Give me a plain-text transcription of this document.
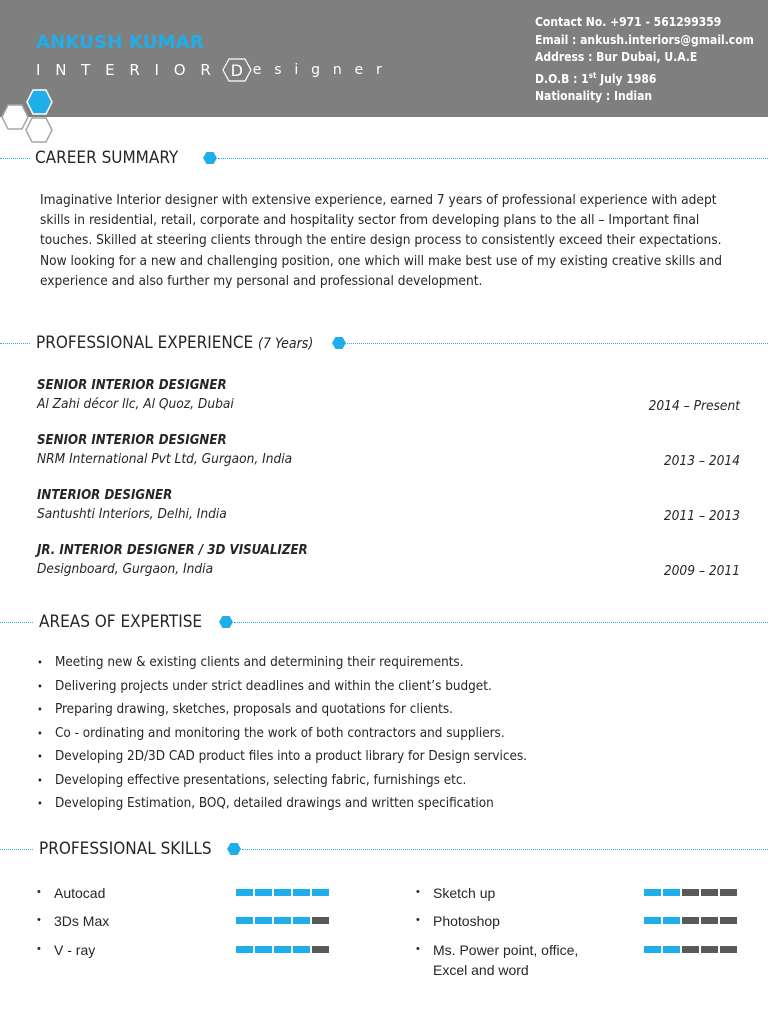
ANKUSH KUMAR
I N T E R I O R D e s i g n e r
Contact No. +971 - 561299359
Email : ankush.interiors@gmail.com
Address : Bur Dubai, U.A.E
D.O.B : 1st July 1986
Nationality : Indian
CAREER SUMMARY
Imaginative Interior designer with extensive experience, earned 7 years of professional experience with adept skills in residential, retail, corporate and hospitality sector from developing plans to the all – Important final touches. Skilled at steering clients through the entire design process to consistently exceed their expectations.
Now looking for a new and challenging position, one which will make best use of my existing creative skills and experience and also further my personal and professional development.
PROFESSIONAL EXPERIENCE (7 Years)
SENIOR INTERIOR DESIGNER
Al Zahi décor llc, Al Quoz, Dubai	2014 – Present
SENIOR INTERIOR DESIGNER
NRM International Pvt Ltd, Gurgaon, India	2013 – 2014
INTERIOR DESIGNER
Santushti Interiors, Delhi, India	2011 – 2013
JR. INTERIOR DESIGNER / 3D VISUALIZER
Designboard, Gurgaon, India	2009 – 2011
AREAS OF EXPERTISE
• Meeting new & existing clients and determining their requirements.
• Delivering projects under strict deadlines and within the client’s budget.
• Preparing drawing, sketches, proposals and quotations for clients.
• Co - ordinating and monitoring the work of both contractors and suppliers.
• Developing 2D/3D CAD product files into a product library for Design services.
• Developing effective presentations, selecting fabric, furnishings etc.
• Developing Estimation, BOQ, detailed drawings and written specification
PROFESSIONAL SKILLS
• Autocad
• 3Ds Max
• V - ray
• Sketch up
• Photoshop
• Ms. Power point, office,
Excel and word
